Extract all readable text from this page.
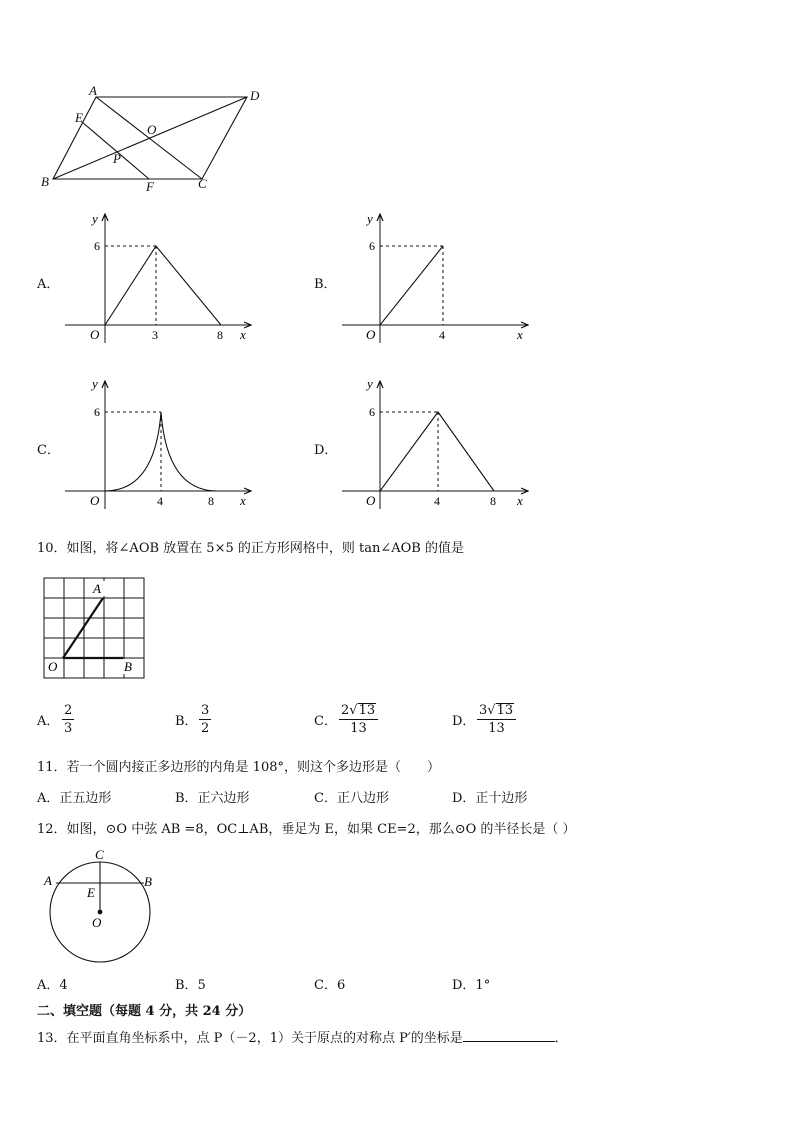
A	D
E
O
P
B	F	C
A．
y
x
O
6
3	8
B．
y
x
O
6
4
C．
y
x
O
6
4	8
D．
y
x
O
6
4	8
10．如图，将∠AOB 放置在 5×5 的正方形网格中，则 tan∠AOB 的值是
O	B
A
A． $\frac{2}{3}$	B． $\frac{3}{2}$	C． $\frac{2√13}{13}$	D． $\frac{3√13}{13}$
11．若一个圆内接正多边形的内角是 108°，则这个多边形是（　　）
A．正五边形	B．正六边形	C．正八边形	D．正十边形
12．如图，⊙O 中弦 AB =8，OC⊥AB，垂足为 E，如果 CE=2，那么⊙O 的半径长是（ ）
A	B
C
E
O
A．4	B．5	C．6	D．1°
二、填空题（每题 4 分，共 24 分）
13．在平面直角坐标系中，点 P（－2，1）关于原点的对称点 P′的坐标是	．
